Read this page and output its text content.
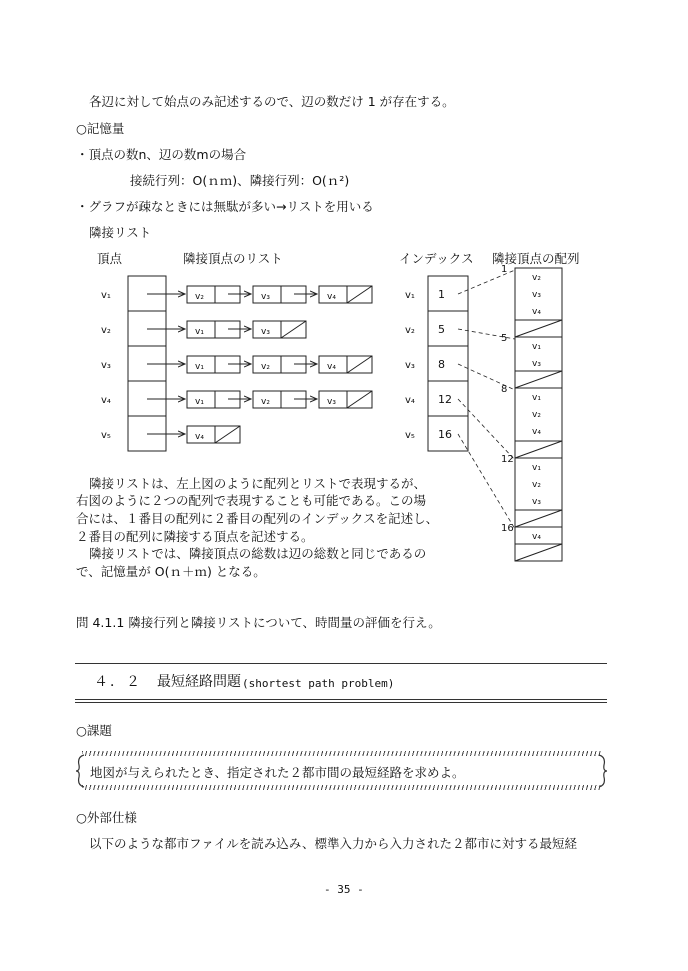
各辺に対して始点のみ記述するので、辺の数だけ 1 が存在する。
○記憶量
・頂点の数n、辺の数mの場合
接続行列：O(ｎｍ)、隣接行列：O(ｎ²)
・グラフが疎なときには無駄が多い→リストを用いる
隣接リスト
頂点	隣接頂点のリスト	インデックス 隣接頂点の配列
v₁	v₂	v₃	v₄
v₂	v₁	v₃
v₃	v₁	v₂	v₄
v₄	v₁	v₂	v₃
v₅	v₄
v₁ 1
v₂ 5
v₃ 8
v₄ 12
v₅ 16
v₂
v₃
v₄
1
v₁
v₃
5
v₁
v₂
v₄
8
v₁
v₂
v₃
12
v₄
16
隣接リストは、左上図のように配列とリストで表現するが、
右図のように２つの配列で表現することも可能である。この場
合には、１番目の配列に２番目の配列のインデックスを記述し、
２番目の配列に隣接する頂点を記述する。
隣接リストでは、隣接頂点の総数は辺の総数と同じであるの
で、記憶量が O(ｎ＋ｍ) となる。
問 4.1.1 隣接行列と隣接リストについて、時間量の評価を行え。
４．２ 最短経路問題 (shortest path problem)
○課題
地図が与えられたとき、指定された２都市間の最短経路を求めよ。
○外部仕様
以下のような都市ファイルを読み込み、標準入力から入力された２都市に対する最短経
- 35 -
